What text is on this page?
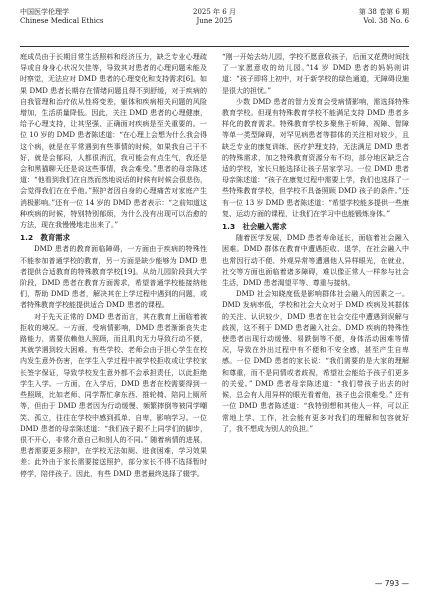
中国医学伦理学
Chinese Medical Ethics
2025 年 6 月
June 2025
第 38 卷第 6 期
Vol. 38 No. 6

庭成员由于长期目常生活照料和经济压力，缺乏专业心理疏导或自身身心状况欠佳等，导致其对患者的心理问题未能及时察觉，无法应对 DMD 患者的心理变化和支持需求[6]。如果 DMD 患者长期存在情绪问题且得不到舒缓，对于疾病的自我管理和治疗依从性将变差，躯体和疾病相关问题的风险增加，生活质量降低。因此，关注 DMD 患者的心理健康，给予心理支持，让其坚强、正确面对疾病是至关重要的。一位 10 岁的 DMD 患者陈述道：“在心理上会想为什么我会得这个病，就是在平常遇到有些事情的时候，如果我自己干不好，就是会郁闷，人都很消沉，我可能会有点生气，我还是会和黑猫聊天还是说这些事情，我会难受。”患者的母亲陈述道：“他看到我们在自然而然地说话的时候有时候会很悲伤，会觉得我们在在乎他。”照护者因自身的心理痛苦对家庭产生消极影响。”还有一位 14 岁的 DMD 患者表示：“之前知道这种疾病的时候，特别特别郁烦，为什么没有出现可以治愈的方法，现在我慢慢地走出来了。”

1.2　教育需求

DMD 患者的教育面临障碍，一方面由于疾病的特殊性不能参加普通学校的教育，另一方面是缺少能够为 DMD 患者提供合适教育的特殊教育学校[19]。从幼儿园阶段到大学阶段，DMD 患者在教育方面需求，希望普通学校能接纳他们，帮助 DMD 患者，解决其在上学过程中遇到的问题，或者特殊教育学校能提供适合 DMD 患者的课程。

对于先天正常的 DMD 患者而言，其在教育上面临着被拒收的境况。一方面，受病情影响，DMD 患者渐渐丧失走路能力，需要依赖他人照顾，而且肌肉无力导致行动不便，其就学遇到较大困难。有些学校、老师会由于担心学生在校内发生意外伤害，在学生入学过程中被学校拒收或让学校家长签字保证，导致学校发生意外都不会承担责任，以此拒绝学生入学。一方面，在入学后，DMD 患者在校需要得到一些照顾，比如老师、同学帮忙拿东西、推轮椅、陪同上厕所等，但由于 DMD 患者因为行动缓慢、频繁摔倒等被同学嘲笑、孤立，往往在学校中感到孤单、自卑，影响学习。一位 DMD 患者的母亲陈述道：“我们孩子跟不上同学们的脚步，很不开心，非常介意自己和别人的不同。” 随着病情的进展，患者需要更多照护，在学校无法如厕、进食困难，学习效果差；此外由于家长需要接送照护，部分家长不得不选择暂时停学，陪伴孩子。因此，有些 DMD 患者最终选择了辍学。

“刚一开始去幼儿园，学校不愿意收孩子，后面又花费时间找了一家愿意收的幼儿园。”14 岁 DMD 患者的妈妈则讲道：“孩子即将上初中，对于新学校的绿色通道，无障碍设施是很大的担忧。”

少数 DMD 患者的智力发育会受病情影响，需选择特殊教育学校。但现有特殊教育学校不能满足支持 DMD 患者多样化的教育需求。特殊教育学校多聚焦于听障、视障、智障等单一类型障碍，对罕见病患者等群体的关注相对较少，且缺乏专业的康复训练、医疗护理支持，无法满足 DMD 患者的特殊需求，加之特殊教育资源分布不均，部分地区缺乏合适的学校，家长只能选择让孩子居家学习。一位 DMD 患者母亲陈述道：“孩子在康复过程中需要上学，我们也选择了一些特殊教育学校，但学校不具备照顾 DMD 孩子的条件。”还有一位 13 岁 DMD 患者陈述道：“希望学校能多提供一些康复、运动方面的课程，让我们在学习中也能锻炼身体。”

1.3　社会融入需求

随着医学发展，DMD 患者寿命延长，面临着社会融入困难。DMD 群体在教育中遭遇拒收、退学，在社会融入中也常因行动不便、外观异常等遭遇他人异样眼光，在就业、社交等方面也面临着诸多障碍，难以像正常人一样参与社会生活，DMD 患者渴望平等、尊重与接纳。

DMD 社会知晓度低是影响群体社会融入的因素之一。DMD 发病率低，学校和社会大众对于 DMD 疾病及其群体的关注、认识较少，DMD 患者在社会交往中遭遇到误解与歧视，这不利于 DMD 患者融入社会。DMD 疾病的特殊性使患者出现行动缓慢、易跌倒等不便，身体活动困难等情况，导致在外出过程中有不便和不安全感，甚至产生自卑感。一位 DMD 患者的家长说：“我们需要的是大家的理解和尊重，而不是同情或者歧视，希望社会能给予孩子们更多的关爱。” DMD 患者母亲陈述道：“我们带孩子出去的时候，总会有人用异样的眼光看着他，孩子也会很难受。” 还有一位 DMD 患者陈述道：“我特别想和其他人一样，可以正常地上学、工作，社会能有更多对我们的理解和包容就好了，我不想成为别人的负担。”

— 793 —
